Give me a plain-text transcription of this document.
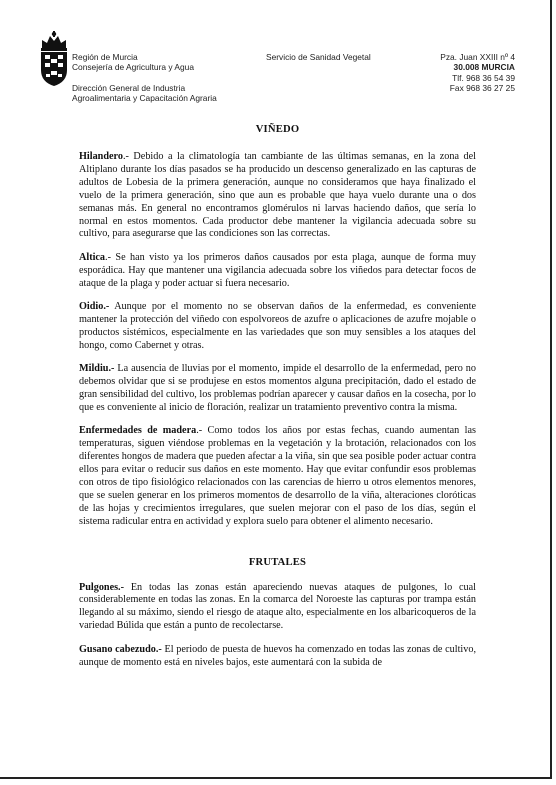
Región de Murcia
Consejería de Agricultura y Agua
Dirección General de Industria
Agroalimentaria y Capacitación Agraria
Servicio de Sanidad Vegetal	Pza. Juan XXIII nº 4
30.008 MURCIA
Tlf. 968 36 54 39
Fax 968 36 27 25
VIÑEDO

Hilandero.- Debido a la climatología tan cambiante de las últimas semanas, en la zona del Altiplano durante los días pasados se ha producido un descenso generalizado en las capturas de adultos de Lobesia de la primera generación, aunque no consideramos que haya finalizado el vuelo de la primera generación, sino que aun es probable que haya vuelo durante una o dos semanas más. En general no encontramos glomérulos ni larvas haciendo daños, que sería lo normal en estos momentos. Cada productor debe mantener la vigilancia adecuada sobre su cultivo, para asegurarse que las condiciones son las correctas.

Altica.- Se han visto ya los primeros daños causados por esta plaga, aunque de forma muy esporádica. Hay que mantener una vigilancia adecuada sobre los viñedos para detectar focos de ataque de la plaga y poder actuar si fuera necesario.

Oidio.- Aunque por el momento no se observan daños de la enfermedad, es conveniente mantener la protección del viñedo con espolvoreos de azufre o aplicaciones de azufre mojable o productos sistémicos, especialmente en las variedades que son muy sensibles a los ataques del hongo, como Cabernet y otras.

Mildiu.- La ausencia de lluvias por el momento, impide el desarrollo de la enfermedad, pero no debemos olvidar que si se produjese en estos momentos alguna precipitación, dado el estado de gran sensibilidad del cultivo, los problemas podrían aparecer y causar daños en la cosecha, por lo que es conveniente al inicio de floración, realizar un tratamiento preventivo contra la misma.

Enfermedades de madera.- Como todos los años por estas fechas, cuando aumentan las temperaturas, siguen viéndose problemas en la vegetación y la brotación, relacionados con los diferentes hongos de madera que pueden afectar a la viña, sin que sea posible poder actuar contra ellos para evitar o reducir sus daños en este momento. Hay que evitar confundir esos problemas con otros de tipo fisiológico relacionados con las carencias de hierro u otros elementos menores, que se suelen generar en los primeros momentos de desarrollo de la viña, alteraciones cloróticas de las hojas y crecimientos irregulares, que suelen mejorar con el paso de los días, según el sistema radicular entra en actividad y explora suelo para obtener el alimento necesario.

FRUTALES

Pulgones.- En todas las zonas están apareciendo nuevas ataques de pulgones, lo cual considerablemente en todas las zonas. En la comarca del Noroeste las capturas por trampa están llegando al su máximo, siendo el riesgo de ataque alto, especialmente en los albaricoqueros de la variedad Búlida que están a punto de recolectarse.

Gusano cabezudo.- El periodo de puesta de huevos ha comenzado en todas las zonas de cultivo, aunque de momento está en niveles bajos, este aumentará con la subida de
